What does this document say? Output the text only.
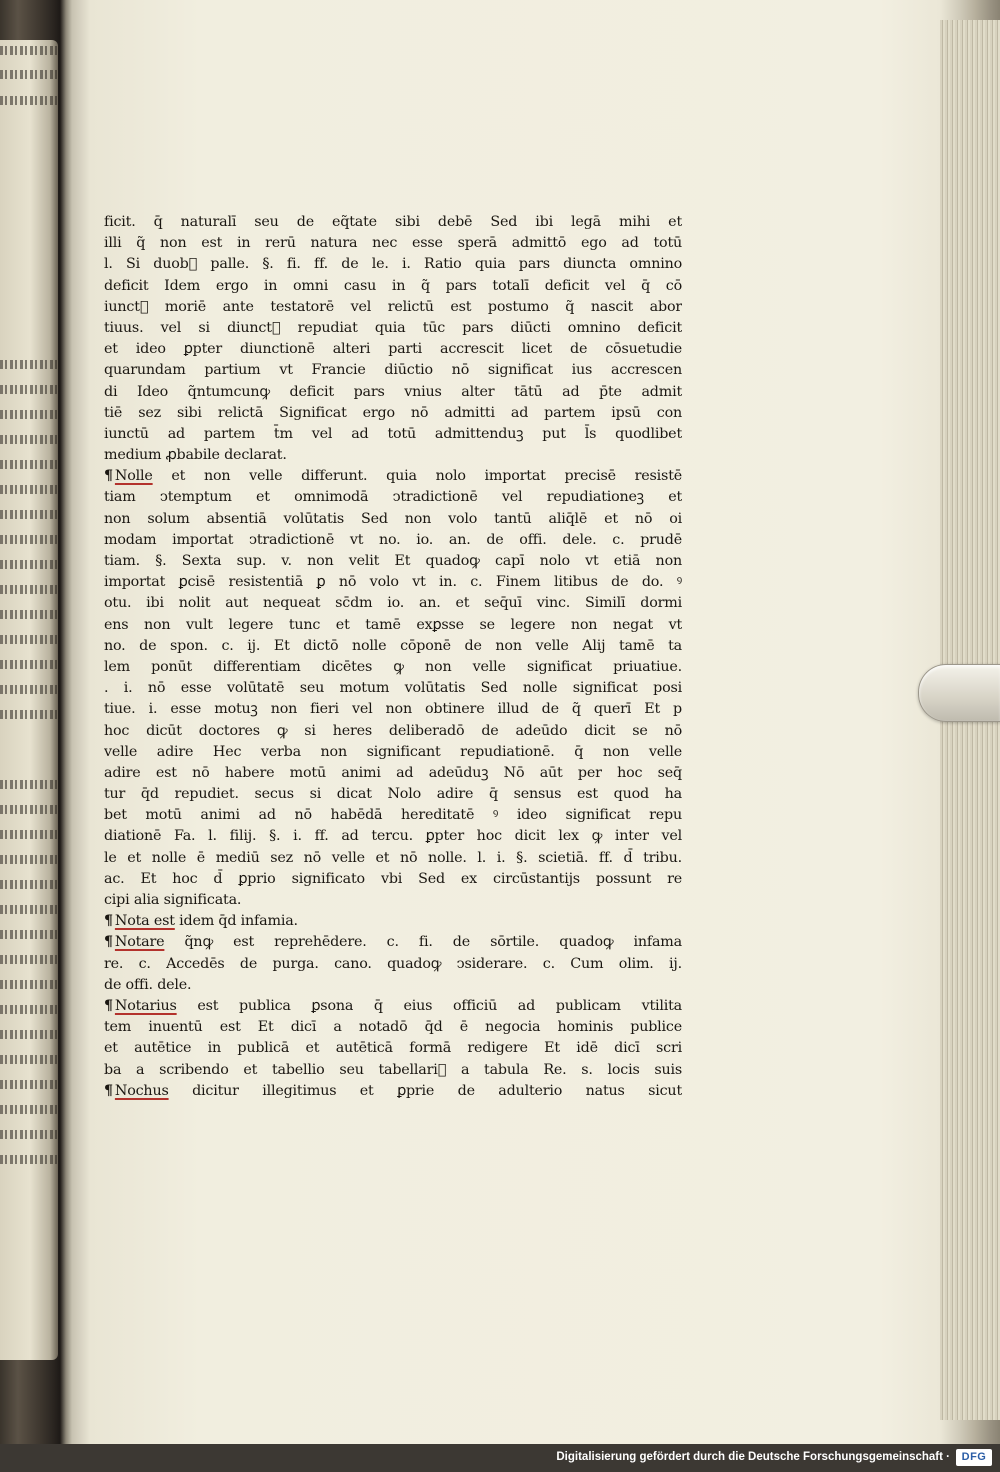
ficit. q̄ naturalī seu de eq̃tate sibi debē Sed ibi legā mihi et
illi q̃ non est in rerū natura nec esse sperā admittō ego ad totū
l. Si duob᷒ palle. §. fi. ff. de le. i. Ratio quia pars diuncta omnino
deficit Idem ergo in omni casu in q̃ pars totalī deficit vel q̄ cō
iunct᷒ moriē ante testatorē vel relictū est postumo q̃ nascit abor
tiuus. vel si diunct᷒ repudiat quia tūc pars diūcti omnino deficit
et ideo ꝑpter diunctionē alteri parti accrescit licet de cōsuetudie
quarundam partium vt Francie diūctio nō significat ius accrescen
di Ideo q̃ntumcunꝙ deficit pars vnius alter tātū ad p̄te admit
tiē sez sibi relictā Significat ergo nō admitti ad partem ipsū con
iunctū ad partem t̄m vel ad totū admittenduꝫ put l̄s quodlibet
medium ꝓbabile declarat.
¶ Nolle et non velle differunt. quia nolo importat precisē resistē
tiam ↄtemptum et omnimodā ↄtradictionē vel repudiationeꝫ et
non solum absentiā volūtatis Sed non volo tantū aliq̄lē et nō oi
modam importat ↄtradictionē vt no. io. an. de offi. dele. c. prudē
tiam. §. Sexta sup. v. non velit Et quadoꝙ capī nolo vt etiā non
importat ꝑcisē resistentiā ꝑ nō volo vt in. c. Finem litibus de do. ꝰ
otu. ibi nolit aut nequeat sc̄dm io. an. et seq̄uī vinc. Similī dormi
ens non vult legere tunc et tamē exꝑsse se legere non negat vt
no. de spon. c. ij. Et dictō nolle cōponē de non velle Alij tamē ta
lem ponūt differentiam dicētes ꝙ non velle significat priuatiue.
. i. nō esse volūtatē seu motum volūtatis Sed nolle significat posi
tiue. i. esse motuꝫ non fieri vel non obtinere illud de q̃ querī Et p
hoc dicūt doctores ꝙ si heres deliberadō de adeūdo dicit se nō
velle adire Hec verba non significant repudiationē. q̄ non velle
adire est nō habere motū animi ad adeūduꝫ Nō aūt per hoc seq̄
tur q̄d repudiet. secus si dicat Nolo adire q̄ sensus est quod ha
bet motū animi ad nō habēdā hereditatē ꝰ ideo significat repu
diationē Fa. l. filij. §. i. ff. ad tercu. ꝑpter hoc dicit lex ꝙ inter vel
le et nolle ē mediū sez nō velle et nō nolle. l. i. §. scietiā. ff. d̄ tribu.
ac. Et hoc d̄ ꝑprio significato vbi Sed ex circūstantijs possunt re
cipi alia significata.
¶ Nota est idem q̄d infamia.
¶ Notare q̃nꝙ est reprehēdere. c. fi. de sōrtile. quadoꝙ infama
re. c. Accedēs de purga. cano. quadoꝙ ↄsiderare. c. Cum olim. ij.
de offi. dele.
¶ Notarius est publica ꝑsona q̄ eius officiū ad publicam vtilita
tem inuentū est Et dicī a notadō q̄d ē negocia hominis publice
et autētice in publicā et autēticā formā redigere Et idē dicī scri
ba a scribendo et tabellio seu tabellari᷒ a tabula Re. s. locis suis
¶ Nochus dicitur illegitimus et ꝑprie de adulterio natus sicut
Digitalisierung gefördert durch die Deutsche Forschungsgemeinschaft ·	DFG
